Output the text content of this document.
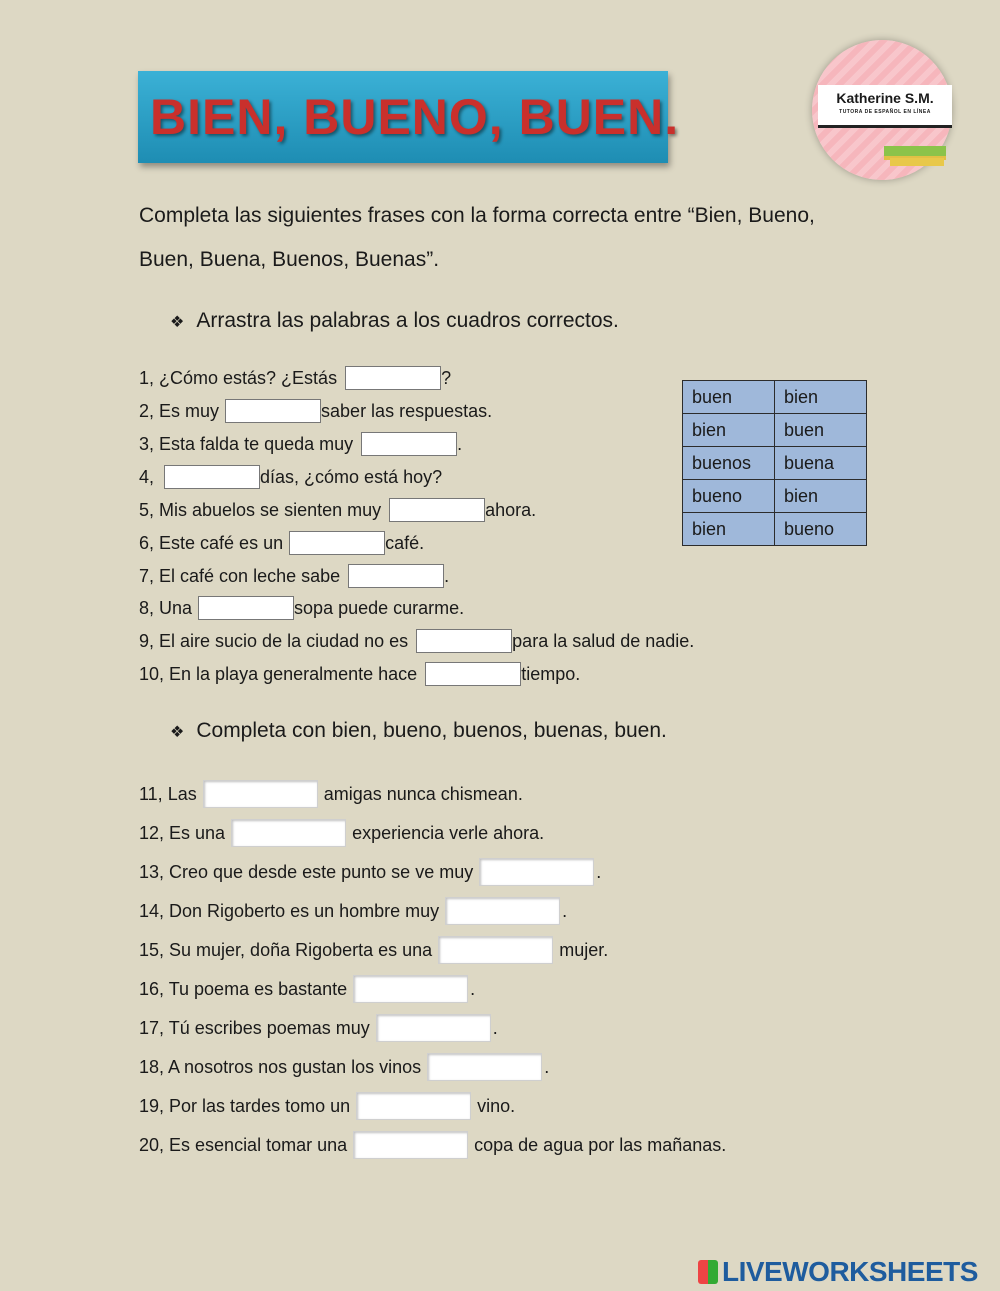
BIEN, BUENO, BUEN.	Katherine S.M.
TUTORA DE ESPAÑOL EN LÍNEA
Completa las siguientes frases con la forma correcta entre “Bien, Bueno, Buen, Buena, Buenos, Buenas”.
❖ Arrastra las palabras a los cuadros correctos.
1, ¿Cómo estás? ¿Estás	?
2, Es muy	saber las respuestas.
3, Esta falda te queda muy	.
4,	días, ¿cómo está hoy?
5, Mis abuelos se sienten muy	ahora.
6, Este café es un	café.
7, El café con leche sabe	.
8, Una	sopa puede curarme.
9, El aire sucio de la ciudad no es	para la salud de nadie.
10, En la playa generalmente hace	tiempo.
buen	bien
bien	buen
buenos	buena
bueno	bien
bien	bueno
❖ Completa con bien, bueno, buenos, buenas, buen.
11, Las	amigas nunca chismean.
12, Es una	experiencia verle ahora.
13, Creo que desde este punto se ve muy	.
14, Don Rigoberto es un hombre muy	.
15, Su mujer, doña Rigoberta es una	mujer.
16, Tu poema es bastante	.
17, Tú escribes poemas muy	.
18, A nosotros nos gustan los vinos	.
19, Por las tardes tomo un	vino.
20, Es esencial tomar una	copa de agua por las mañanas.
LIVEWORKSHEETS
